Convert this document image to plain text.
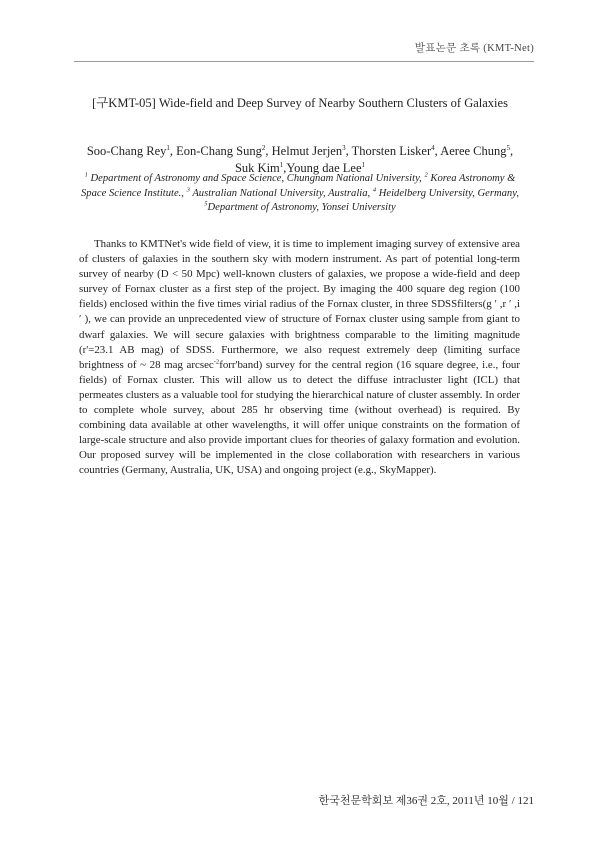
발표논문 초록 (KMT-Net)
[구KMT-05] Wide-field and Deep Survey of Nearby Southern Clusters of Galaxies
Soo-Chang Rey$^1$, Eon-Chang Sung$^2$, Helmut Jerjen$^3$, Thorsten Lisker$^4$, Aeree Chung$^5$, Suk Kim$^1$,Young dae Lee$^1$
$^1$ Department of Astronomy and Space Science, Chungnam National University, $^2$ Korea Astronomy & Space Science Institute., $^3$ Australian National University, Australia, $^4$ Heidelberg University, Germany, $^5$Department of Astronomy, Yonsei University

Thanks to KMTNet's wide field of view, it is time to implement imaging survey of extensive area of clusters of galaxies in the southern sky with modern instrument. As part of potential long-term survey of nearby (D < 50 Mpc) well-known clusters of galaxies, we propose a wide-field and deep survey of Fornax cluster as a first step of the project. By imaging the 400 square deg region (100 fields) enclosed within the five times virial radius of the Fornax cluster, in three SDSSfilters(g ′ ,r ′ ,i ′ ), we can provide an unprecedented view of structure of Fornax cluster using sample from giant to dwarf galaxies. We will secure galaxies with brightness comparable to the limiting magnitude (r'=23.1 AB mag) of SDSS. Furthermore, we also request extremely deep (limiting surface brightness of ~ 28 mag arcsec$^{-2}$forr'band) survey for the central region (16 square degree, i.e., four fields) of Fornax cluster. This will allow us to detect the diffuse intracluster light (ICL) that permeates clusters as a valuable tool for studying the hierarchical nature of cluster assembly. In order to complete whole survey, about 285 hr observing time (without overhead) is required. By combining data available at other wavelengths, it will offer unique constraints on the formation of large-scale structure and also provide important clues for theories of galaxy formation and evolution. Our proposed survey will be implemented in the close collaboration with researchers in various countries (Germany, Australia, UK, USA) and ongoing project (e.g., SkyMapper).

한국천문학회보 제36권 2호, 2011년 10월 / 121
